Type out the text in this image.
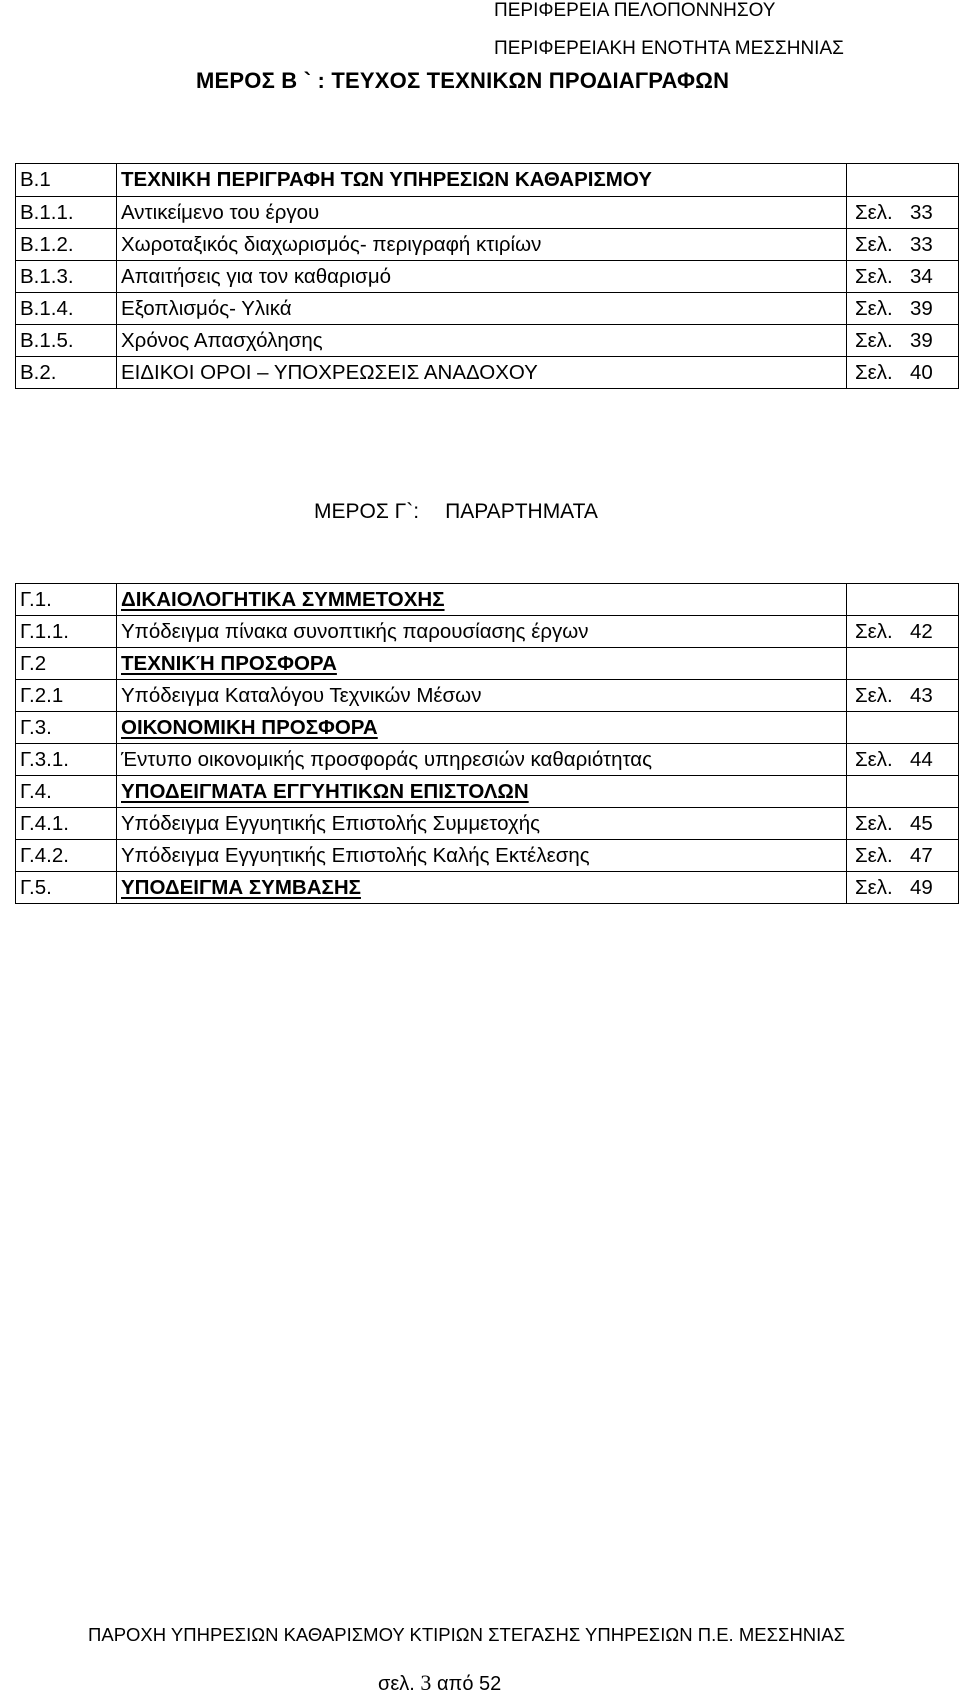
ΠΕΡΙΦΕΡΕΙΑ ΠΕΛΟΠΟΝΝΗΣΟΥ
ΠΕΡΙΦΕΡΕΙΑΚΗ ΕΝΟΤΗΤΑ ΜΕΣΣΗΝΙΑΣ
ΜΕΡΟΣ Β ` : ΤΕΥΧΟΣ ΤΕΧΝΙΚΩΝ ΠΡΟΔΙΑΓΡΑΦΩΝ
Β.1	ΤΕΧΝΙΚΗ ΠΕΡΙΓΡΑΦΗ ΤΩΝ ΥΠΗΡΕΣΙΩΝ ΚΑΘΑΡΙΣΜΟΥ	
Β.1.1.	Αντικείμενο του έργου	Σελ. 33
Β.1.2.	Χωροταξικός διαχωρισμός- περιγραφή κτιρίων	Σελ. 33
Β.1.3.	Απαιτήσεις για τον καθαρισμό	Σελ. 34
Β.1.4.	Εξοπλισμός- Υλικά	Σελ. 39
Β.1.5.	Χρόνος Απασχόλησης	Σελ. 39
Β.2.	ΕΙΔΙΚΟΙ ΟΡΟΙ – ΥΠΟΧΡΕΩΣΕΙΣ ΑΝΑΔΟΧΟΥ	Σελ. 40
ΜΕΡΟΣ Γ`: ΠΑΡΑΡΤΗΜΑΤΑ
Γ.1.	ΔΙΚΑΙΟΛΟΓΗΤΙΚΑ ΣΥΜΜΕΤΟΧΗΣ	
Γ.1.1.	Υπόδειγμα πίνακα συνοπτικής παρουσίασης έργων	Σελ. 42
Γ.2	ΤΕΧΝΙΚΉ ΠΡΟΣΦΟΡΑ	
Γ.2.1	Υπόδειγμα Καταλόγου Τεχνικών Μέσων	Σελ. 43
Γ.3.	ΟΙΚΟΝΟΜΙΚΗ ΠΡΟΣΦΟΡΑ	
Γ.3.1.	Έντυπο οικονομικής προσφοράς υπηρεσιών καθαριότητας	Σελ. 44
Γ.4.	ΥΠΟΔΕΙΓΜΑΤΑ ΕΓΓΥΗΤΙΚΩΝ ΕΠΙΣΤΟΛΩΝ	
Γ.4.1.	Υπόδειγμα Εγγυητικής Επιστολής Συμμετοχής	Σελ. 45
Γ.4.2.	Υπόδειγμα Εγγυητικής Επιστολής Καλής Εκτέλεσης	Σελ. 47
Γ.5.	ΥΠΟΔΕΙΓΜΑ ΣΥΜΒΑΣΗΣ	Σελ. 49
ΠΑΡΟΧΗ ΥΠΗΡΕΣΙΩΝ ΚΑΘΑΡΙΣΜΟΥ ΚΤΙΡΙΩΝ ΣΤΕΓΑΣΗΣ ΥΠΗΡΕΣΙΩΝ Π.Ε. ΜΕΣΣΗΝΙΑΣ
σελ. 3 από 52
